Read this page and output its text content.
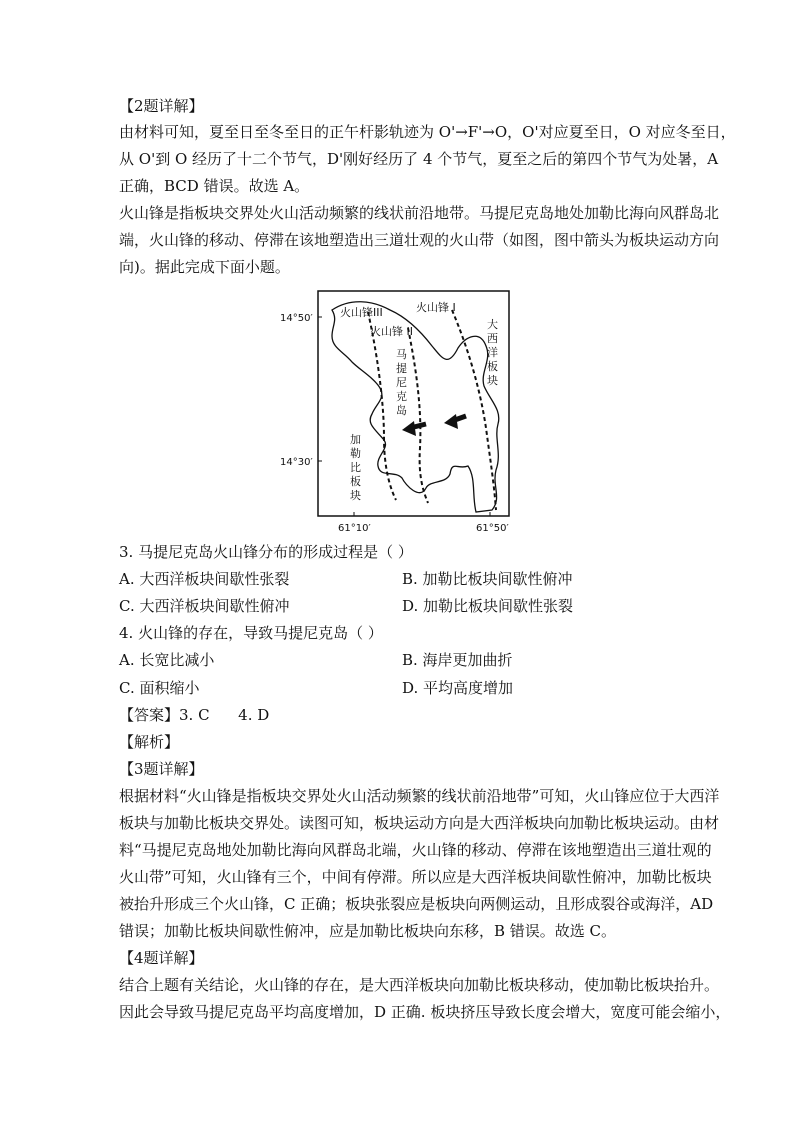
【2题详解】
由材料可知，夏至日至冬至日的正午杆影轨迹为 O'→F'→O，O'对应夏至日，O 对应冬至日，
从 O'到 O 经历了十二个节气，D'刚好经历了 4 个节气，夏至之后的第四个节气为处暑，A
正确，BCD 错误。故选 A。
火山锋是指板块交界处火山活动频繁的线状前沿地带。马提尼克岛地处加勒比海向风群岛北
端，火山锋的移动、停滞在该地塑造出三道壮观的火山带（如图，图中箭头为板块运动方向
向)。据此完成下面小题。
火山锋III
火山锋 II
火山锋 I
马
提
尼
克
岛
大
西
洋
板
块
加
勒
比
板
块
14°50′
14°30′
61°10′	61°50′
3. 马提尼克岛火山锋分布的形成过程是（ ）
A. 大西洋板块间歇性张裂	B. 加勒比板块间歇性俯冲
C. 大西洋板块间歇性俯冲	D. 加勒比板块间歇性张裂
4. 火山锋的存在，导致马提尼克岛（ ）
A. 长宽比减小	B. 海岸更加曲折
C. 面积缩小	D. 平均高度增加
【答案】3. C      4. D
【解析】
【3题详解】
根据材料“火山锋是指板块交界处火山活动频繁的线状前沿地带”可知，火山锋应位于大西洋
板块与加勒比板块交界处。读图可知，板块运动方向是大西洋板块向加勒比板块运动。由材
料“马提尼克岛地处加勒比海向风群岛北端，火山锋的移动、停滞在该地塑造出三道壮观的
火山带”可知，火山锋有三个，中间有停滞。所以应是大西洋板块间歇性俯冲，加勒比板块
被抬升形成三个火山锋，C 正确；板块张裂应是板块向两侧运动，且形成裂谷或海洋，AD
错误；加勒比板块间歇性俯冲，应是加勒比板块向东移，B 错误。故选 C。
【4题详解】
结合上题有关结论，火山锋的存在，是大西洋板块向加勒比板块移动，使加勒比板块抬升。
因此会导致马提尼克岛平均高度增加，D 正确. 板块挤压导致长度会增大，宽度可能会缩小，
